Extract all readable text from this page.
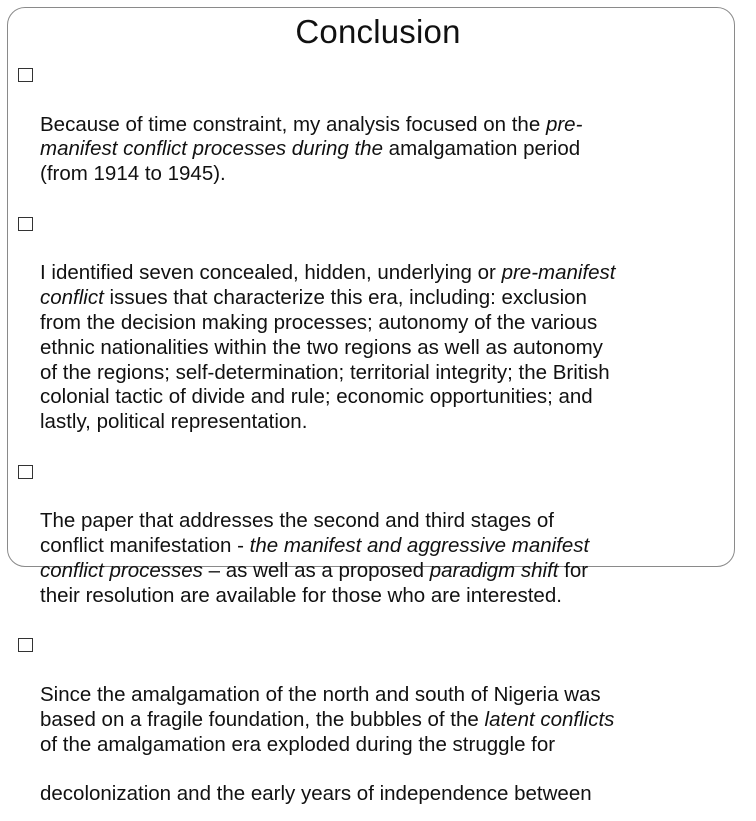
Conclusion

Because of time constraint, my analysis focused on the pre-
manifest conflict processes during the amalgamation period
(from 1914 to 1945).

I identified seven concealed, hidden, underlying or pre-manifest
conflict issues that characterize this era, including: exclusion
from the decision making processes; autonomy of the various
ethnic nationalities within the two regions as well as autonomy
of the regions; self-determination; territorial integrity; the British
colonial tactic of divide and rule; economic opportunities; and
lastly, political representation.

The paper that addresses the second and third stages of
conflict manifestation - the manifest and aggressive manifest
conflict processes – as well as a proposed paradigm shift for
their resolution are available for those who are interested.

Since the amalgamation of the north and south of Nigeria was
based on a fragile foundation, the bubbles of the latent conflicts
of the amalgamation era exploded during the struggle for

decolonization and the early years of independence between
